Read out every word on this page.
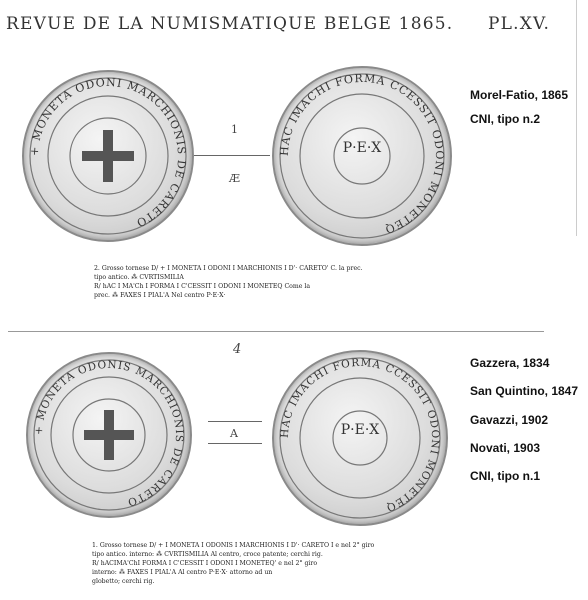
REVUE DE LA NUMISMATIQUE BELGE 1865. PL.XV.
+ MONETA ODONI MARCHIONIS DE CARETO
HAC IMACHI FORMA CCESSIT ODONI MONETEQ
P·E·X
1
Æ
Morel-Fatio, 1865
CNI, tipo n.2
2. Grosso tornese D/ + I MONETA I ODONI I MARCHIONIS I D'· CARETO' C. la prec.
tipo antico. ⁂ CVRTISMILIA
R/ hAC I MA'Ch I FORMA I C'CESSIT I ODONI I MONETEQ Come la
prec. ⁂ FAXES I PIAL'A Nel centro P·E·X·
+ MONETA ODONIS MARCHIONIS DE CARETO
HAC IMACHI FORMA CCESSIT ODONI MONETEQ
P·E·X
4
A
Gazzera, 1834
San Quintino, 1847
Gavazzi, 1902
Novati, 1903
CNI, tipo n.1
1. Grosso tornese D/ + I MONETA I ODONIS I MARCHIONIS I D'· CARETO I e nel 2° giro
tipo antico. interno: ⁂ CVRTISMILIA Al centro, croce patente; cerchi rig.
R/ hACIMA'ChI FORMA I C'CESSIT I ODONI I MONETEQ' e nel 2° giro
interno: ⁂ FAXES I PIAL'A Al centro P·E·X· attorno ad un
globetto; cerchi rig.
